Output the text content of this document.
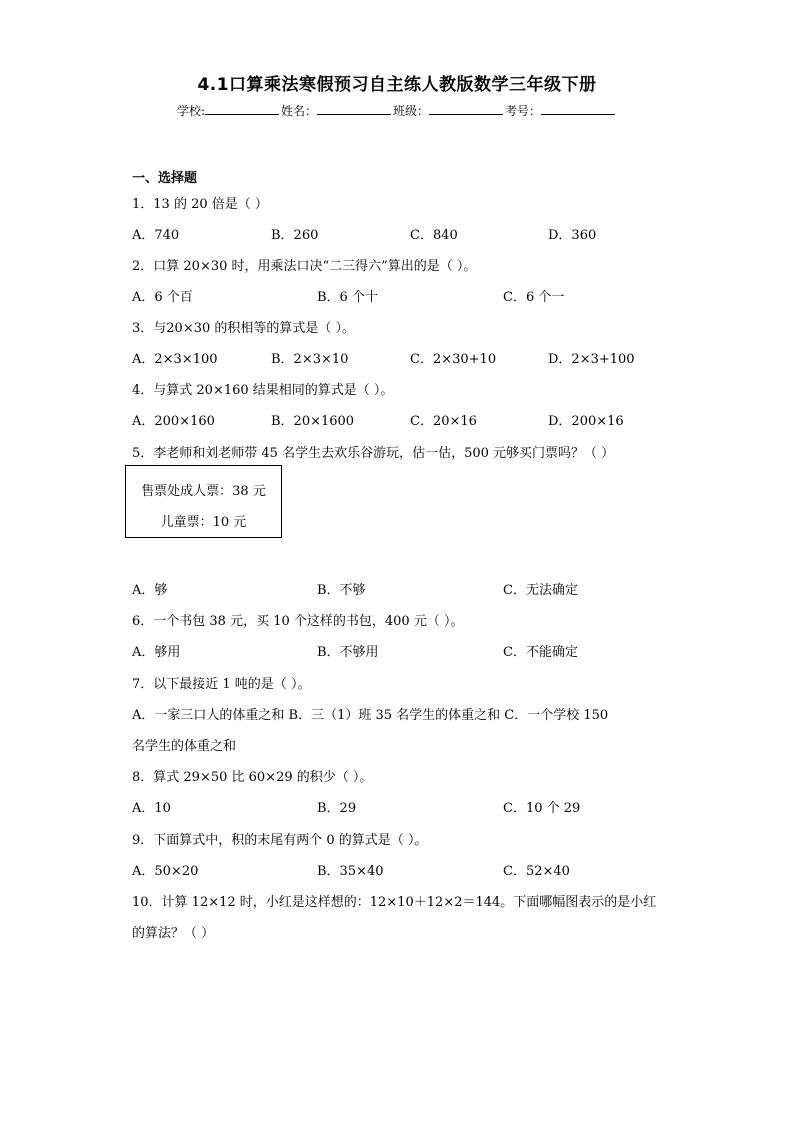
4.1口算乘法寒假预习自主练人教版数学三年级下册
学校:	姓名：	班级：	考号：
一、选择题
1．13 的 20 倍是（ ）
A．740	B．260	C．840	D．360
2．口算 20×30 时，用乘法口决“二三得六”算出的是（ ）。
A．6 个百	B．6 个十	C．6 个一
3．与20×30 的积相等的算式是（ ）。
A．2×3×100	B．2×3×10	C．2×30+10	D．2×3+100
4．与算式 20×160 结果相同的算式是（ ）。
A．200×160	B．20×1600	C．20×16	D．200×16
5．李老师和刘老师带 45 名学生去欢乐谷游玩，估一估，500 元够买门票吗？（ ）
售票处成人票：38 元
儿童票：10 元
A．够	B．不够	C．无法确定
6．一个书包 38 元，买 10 个这样的书包，400 元（ ）。
A．够用	B．不够用	C．不能确定
7．以下最接近 1 吨的是（ ）。
A．一家三口人的体重之和 B．三（1）班 35 名学生的体重之和 C．一个学校 150
名学生的体重之和
8．算式 29×50 比 60×29 的积少（ ）。
A．10	B．29	C．10 个 29
9．下面算式中，积的末尾有两个 0 的算式是（ ）。
A．50×20	B．35×40	C．52×40
10．计算 12×12 时，小红是这样想的：12×10＋12×2＝144。下面哪幅图表示的是小红
的算法？（ ）
